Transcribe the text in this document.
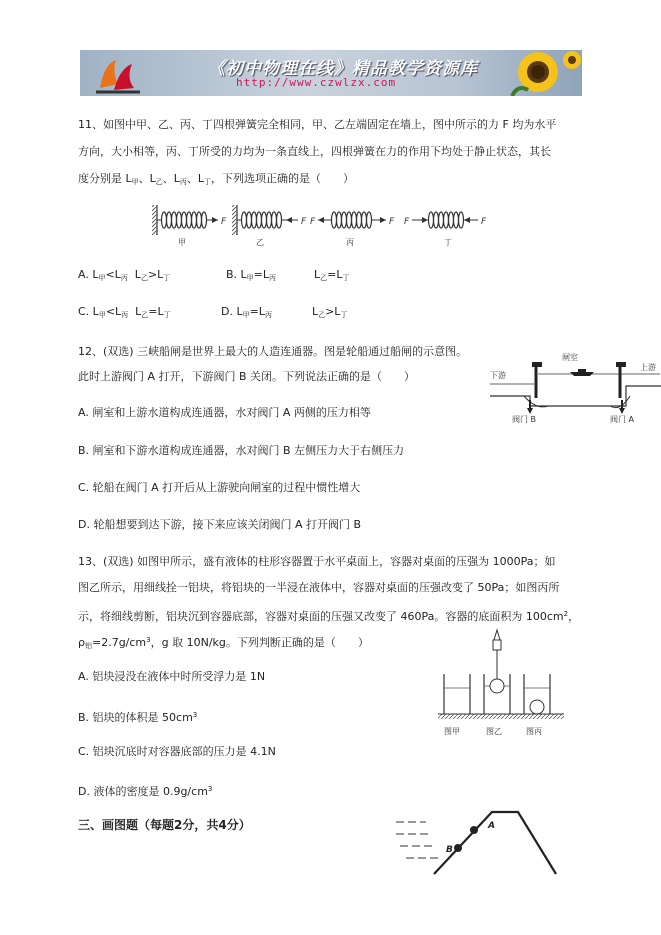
《初中物理在线》精品教学资源库
http://www.czwlzx.com
11、如图中甲、乙、丙、丁四根弹簧完全相同，甲、乙左端固定在墙上，图中所示的力 F 均为水平
方向，大小相等，丙、丁所受的力均为一条直线上，四根弹簧在力的作用下均处于静止状态，其长
度分别是 $L_甲$、$L_乙$、$L_丙$、$L_丁$，下列选项正确的是（　　）
F
甲
F
乙
F	F
丙
F	F
丁
A. $L_甲<L_丙$  $L_乙>L_丁$	B. $L_甲=L_丙$	$L_乙=L_丁$
C. $L_甲<L_丙$  $L_乙=L_丁$	D. $L_甲=L_丙$	$L_乙>L_丁$
12、(双选) 三峡船闸是世界上最大的人造连通器。图是轮船通过船闸的示意图。
此时上游阀门 A 打开，下游阀门 B 关闭。下列说法正确的是（　　）
闸室
上游
下游
阀门 B	阀门 A
A. 闸室和上游水道构成连通器，水对阀门 A 两侧的压力相等
B. 闸室和下游水道构成连通器，水对阀门 B 左侧压力大于右侧压力
C. 轮船在阀门 A 打开后从上游驶向闸室的过程中惯性增大
D. 轮船想要到达下游，接下来应该关闭阀门 A 打开阀门 B
13、(双选) 如图甲所示，盛有液体的柱形容器置于水平桌面上，容器对桌面的压强为 1000Pa；如
图乙所示，用细线拴一铝块，将铝块的一半浸在液体中，容器对桌面的压强改变了 50Pa；如图丙所
示，将细线剪断，铝块沉到容器底部，容器对桌面的压强又改变了 460Pa。容器的底面积为 $100cm^2$，
$\rho_铝=2.7g/cm^3$，g 取 10N/kg。下列判断正确的是（　　）
图甲	图乙	图丙
A. 铝块浸没在液体中时所受浮力是 1N
B. 铝块的体积是 $50cm^3$
C. 铝块沉底时对容器底部的压力是 4.1N
D. 液体的密度是 $0.9g/cm^3$
三、画图题（每题2分，共4分）	A
B
